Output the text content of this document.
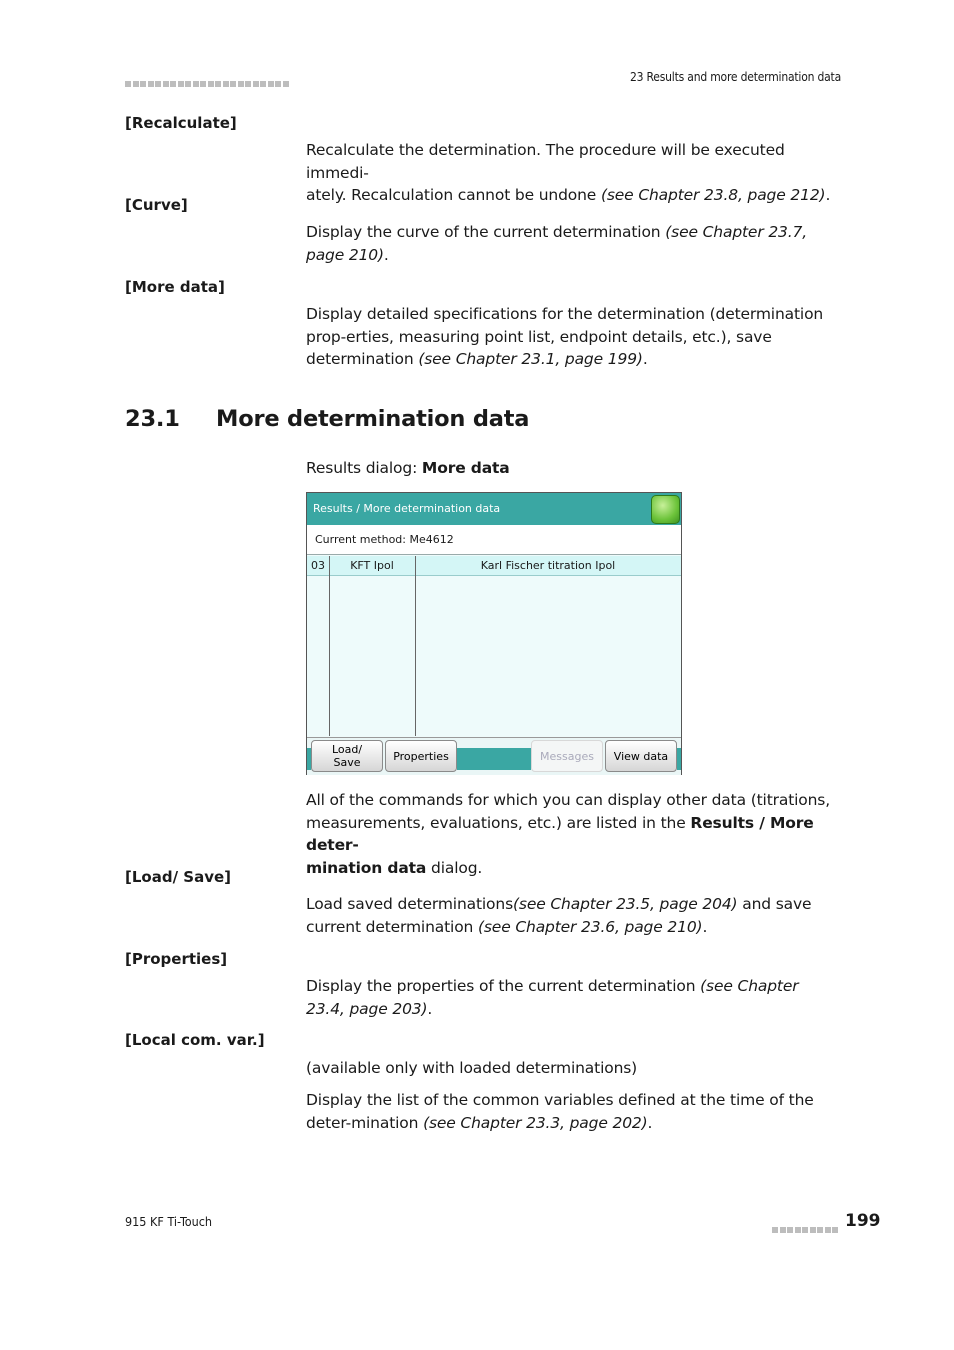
23 Results and more determination data
[Recalculate]
Recalculate the determination. The procedure will be executed immedi-
ately. Recalculation cannot be undone (see Chapter 23.8, page 212).
[Curve]
Display the curve of the current determination (see Chapter 23.7, page 210).
[More data]
Display detailed specifications for the determination (determination prop-erties, measuring point list, endpoint details, etc.), save determination (see Chapter 23.1, page 199).
23.1 More determination data
Results dialog: More data
Results / More determination data
Current method: Me4612
03	KFT Ipol	Karl Fischer titration Ipol
Load/
Save	Properties	Messages	View data
All of the commands for which you can display other data (titrations,
measurements, evaluations, etc.) are listed in the Results / More deter-
mination data dialog.
[Load/ Save]
Load saved determinations(see Chapter 23.5, page 204) and save current determination (see Chapter 23.6, page 210).
[Properties]
Display the properties of the current determination (see Chapter 23.4, page 203).
[Local com. var.]
(available only with loaded determinations)
Display the list of the common variables defined at the time of the deter-mination (see Chapter 23.3, page 202).
915 KF Ti-Touch	199
